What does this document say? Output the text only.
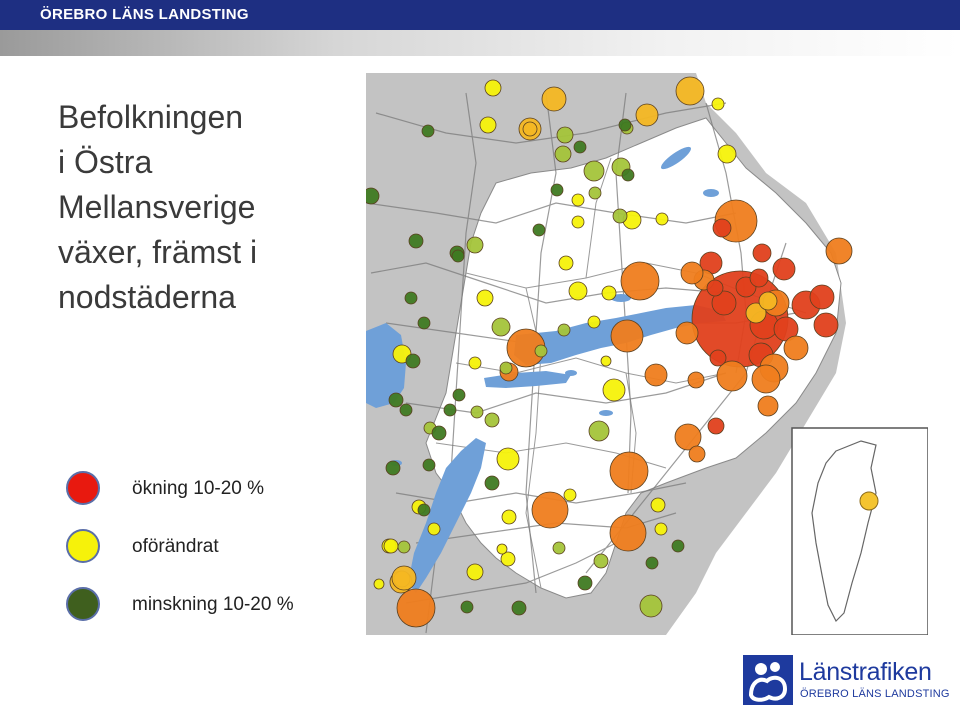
ÖREBRO LÄNS LANDSTING
Befolkningen
i Östra
Mellansverige
växer, främst i
nodstäderna
ökning 10-20 %
oförändrat
minskning 10-20 %
Länstrafiken
ÖREBRO LÄNS LANDSTING
